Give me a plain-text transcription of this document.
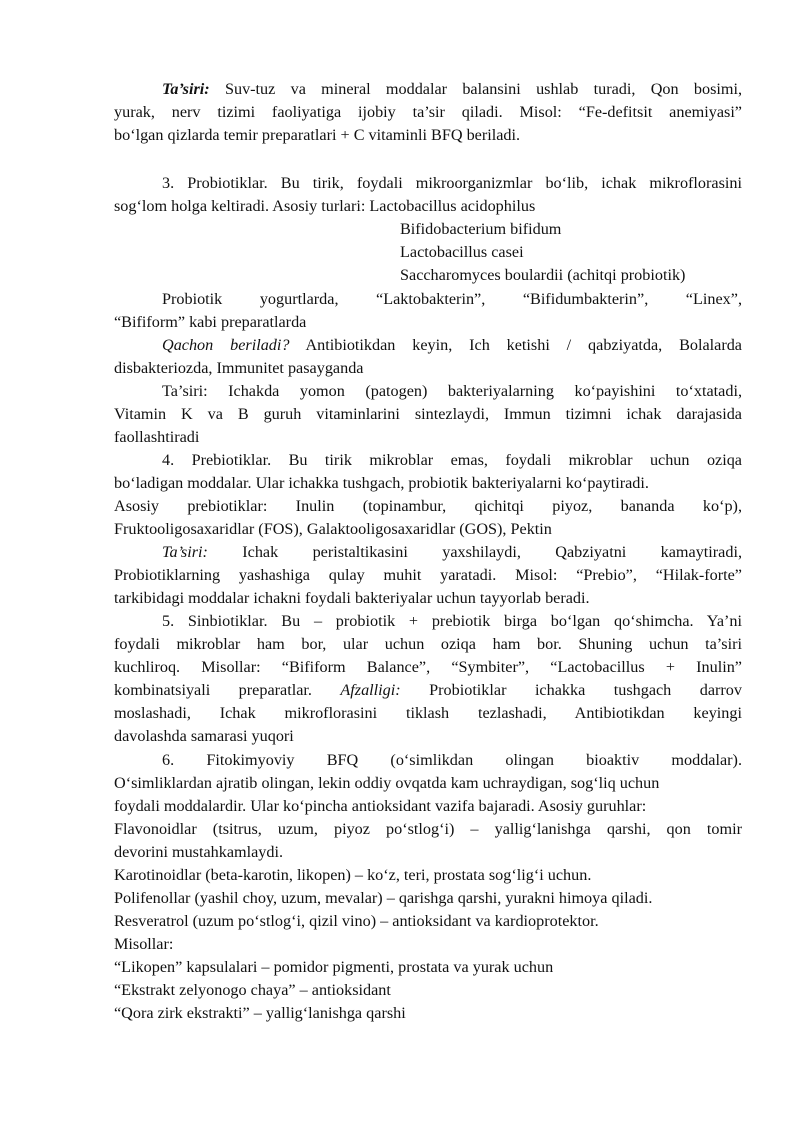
Ta’siri: Suv-tuz va mineral moddalar balansini ushlab turadi, Qon bosimi,
yurak, nerv tizimi faoliyatiga ijobiy ta’sir qiladi. Misol: “Fe-defitsit anemiyasi”
bo‘lgan qizlarda temir preparatlari + C vitaminli BFQ beriladi.
3. Probiotiklar. Bu tirik, foydali mikroorganizmlar bo‘lib, ichak mikroflorasini
sog‘lom holga keltiradi. Asosiy turlari: Lactobacillus acidophilus
Bifidobacterium bifidum
Lactobacillus casei
Saccharomyces boulardii (achitqi probiotik)
Probiotik yogurtlarda, “Laktobakterin”, “Bifidumbakterin”, “Linex”,
“Bifiform” kabi preparatlarda
Qachon beriladi? Antibiotikdan keyin, Ich ketishi / qabziyatda, Bolalarda
disbakteriozda, Immunitet pasayganda
Ta’siri: Ichakda yomon (patogen) bakteriyalarning ko‘payishini to‘xtatadi,
Vitamin K va B guruh vitaminlarini sintezlaydi, Immun tizimni ichak darajasida
faollashtiradi
4. Prebiotiklar. Bu tirik mikroblar emas, foydali mikroblar uchun oziqa
bo‘ladigan moddalar. Ular ichakka tushgach, probiotik bakteriyalarni ko‘paytiradi.
Asosiy prebiotiklar: Inulin (topinambur, qichitqi piyoz, bananda ko‘p),
Fruktooligosaxaridlar (FOS), Galaktooligosaxaridlar (GOS), Pektin
Ta’siri: Ichak peristaltikasini yaxshilaydi, Qabziyatni kamaytiradi,
Probiotiklarning yashashiga qulay muhit yaratadi. Misol: “Prebio”, “Hilak-forte”
tarkibidagi moddalar ichakni foydali bakteriyalar uchun tayyorlab beradi.
5. Sinbiotiklar. Bu – probiotik + prebiotik birga bo‘lgan qo‘shimcha. Ya’ni
foydali mikroblar ham bor, ular uchun oziqa ham bor. Shuning uchun ta’siri
kuchliroq. Misollar: “Bifiform Balance”, “Symbiter”, “Lactobacillus + Inulin”
kombinatsiyali preparatlar. Afzalligi: Probiotiklar ichakka tushgach darrov
moslashadi, Ichak mikroflorasini tiklash tezlashadi, Antibiotikdan keyingi
davolashda samarasi yuqori
6. Fitokimyoviy BFQ (o‘simlikdan olingan bioaktiv moddalar).
O‘simliklardan ajratib olingan, lekin oddiy ovqatda kam uchraydigan, sog‘liq uchun
foydali moddalardir. Ular ko‘pincha antioksidant vazifa bajaradi. Asosiy guruhlar:
Flavonoidlar (tsitrus, uzum, piyoz po‘stlog‘i) – yallig‘lanishga qarshi, qon tomir
devorini mustahkamlaydi.
Karotinoidlar (beta-karotin, likopen) – ko‘z, teri, prostata sog‘lig‘i uchun.
Polifenollar (yashil choy, uzum, mevalar) – qarishga qarshi, yurakni himoya qiladi.
Resveratrol (uzum po‘stlog‘i, qizil vino) – antioksidant va kardioprotektor.
Misollar:
“Likopen” kapsulalari – pomidor pigmenti, prostata va yurak uchun
“Ekstrakt zelyonogo chaya” – antioksidant
“Qora zirk ekstrakti” – yallig‘lanishga qarshi
